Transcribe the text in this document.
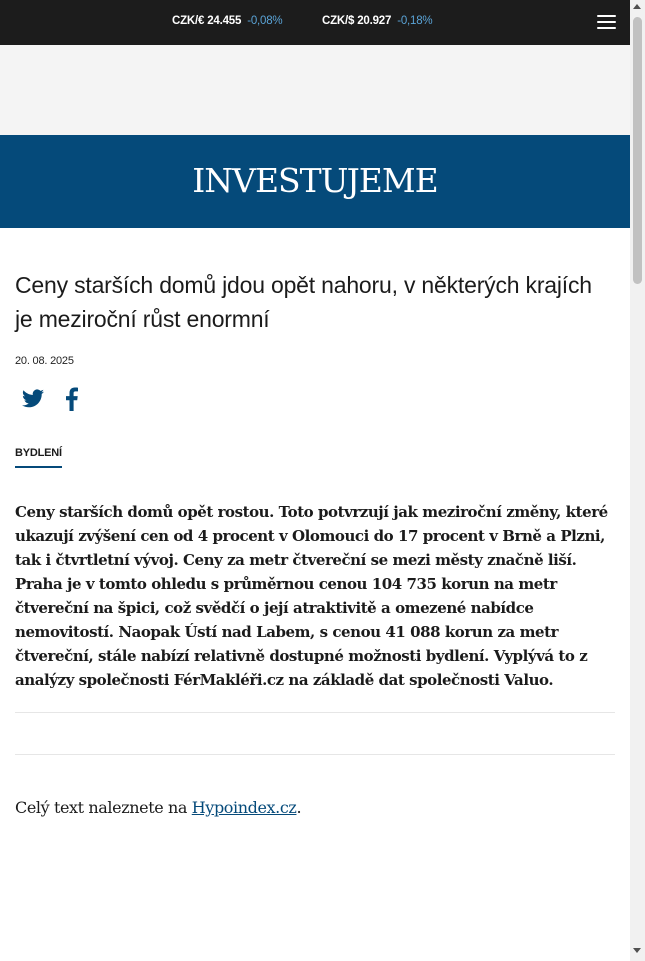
CZK/€ 24.455 -0,08%	CZK/$ 20.927 -0,18%
INVESTUJEME
Ceny starších domů jdou opět nahoru, v některých krajích je meziroční růst enormní
20. 08. 2025
BYDLENÍ

Ceny starších domů opět rostou. Toto potvrzují jak meziroční změny, které ukazují zvýšení cen od 4 procent v Olomouci do 17 procent v Brně a Plzni, tak i čtvrtletní vývoj. Ceny za metr čtvereční se mezi městy značně liší. Praha je v tomto ohledu s průměrnou cenou 104 735 korun na metr čtvereční na špici, což svědčí o její atraktivitě a omezené nabídce nemovitostí. Naopak Ústí nad Labem, s cenou 41 088 korun za metr čtvereční, stále nabízí relativně dostupné možnosti bydlení. Vyplývá to z analýzy společnosti FérMakléři.cz na základě dat společnosti Valuo.

Celý text naleznete na Hypoindex.cz.
